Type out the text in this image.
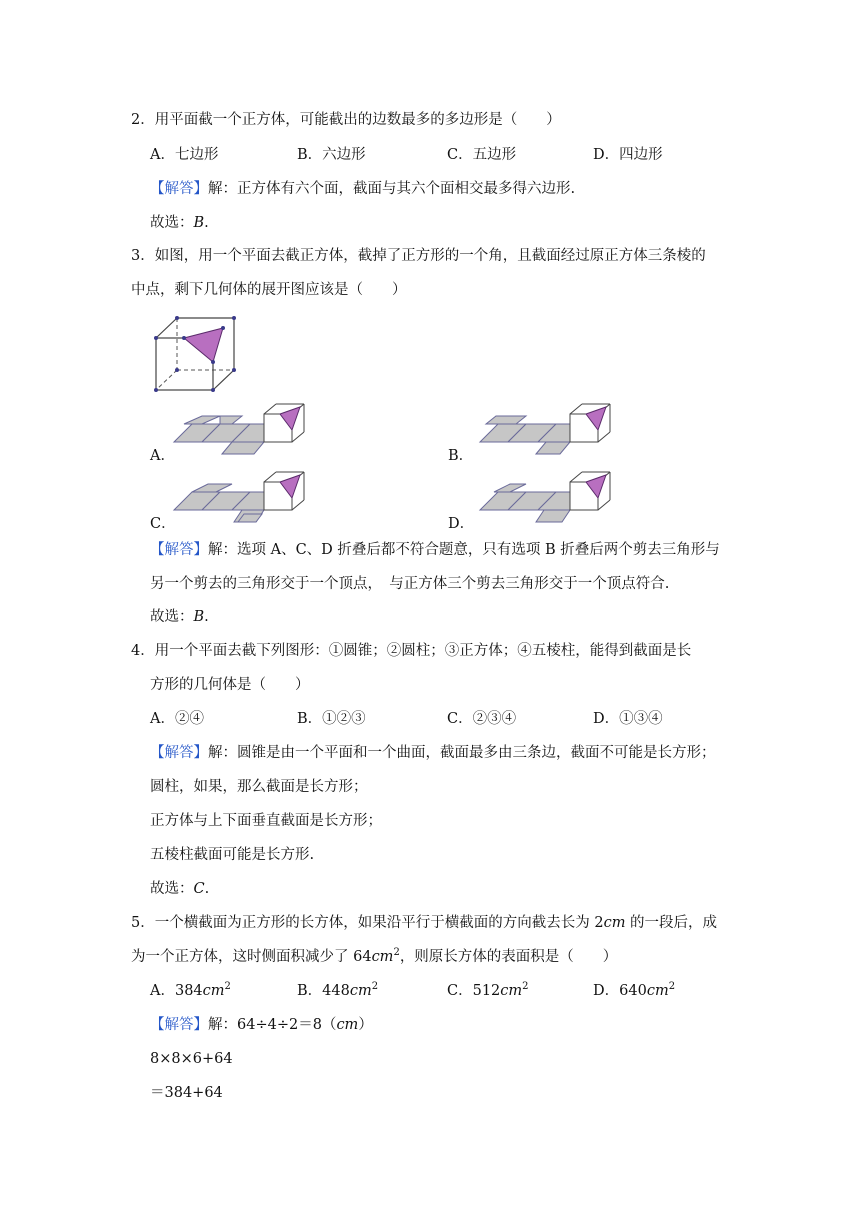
2．用平面截一个正方体，可能截出的边数最多的多边形是（　　）
A．七边形	B．六边形	C．五边形	D．四边形
【解答】解：正方体有六个面，截面与其六个面相交最多得六边形.
故选：B.
3．如图，用一个平面去截正方体，截掉了正方形的一个角，且截面经过原正方体三条棱的
中点，剩下几何体的展开图应该是（　　）
A．	B．
C．	D．
【解答】解：选项 A、C、D 折叠后都不符合题意，只有选项 B 折叠后两个剪去三角形与
另一个剪去的三角形交于一个顶点，　与正方体三个剪去三角形交于一个顶点符合.
故选：B.
4．用一个平面去截下列图形：①圆锥；②圆柱；③正方体；④五棱柱，能得到截面是长
方形的几何体是（　　）
A．②④	B．①②③	C．②③④	D．①③④
【解答】解：圆锥是由一个平面和一个曲面，截面最多由三条边，截面不可能是长方形；
圆柱，如果，那么截面是长方形；
正方体与上下面垂直截面是长方形；
五棱柱截面可能是长方形.
故选：C.
5．一个横截面为正方形的长方体，如果沿平行于横截面的方向截去长为 2cm 的一段后，成
为一个正方体，这时侧面积减少了 $64cm^2$，则原长方体的表面积是（　　）
A．$384cm^2$	B．$448cm^2$	C．$512cm^2$	D．$640cm^2$
【解答】解：64÷4÷2＝8（cm）
8×8×6+64
＝384+64
